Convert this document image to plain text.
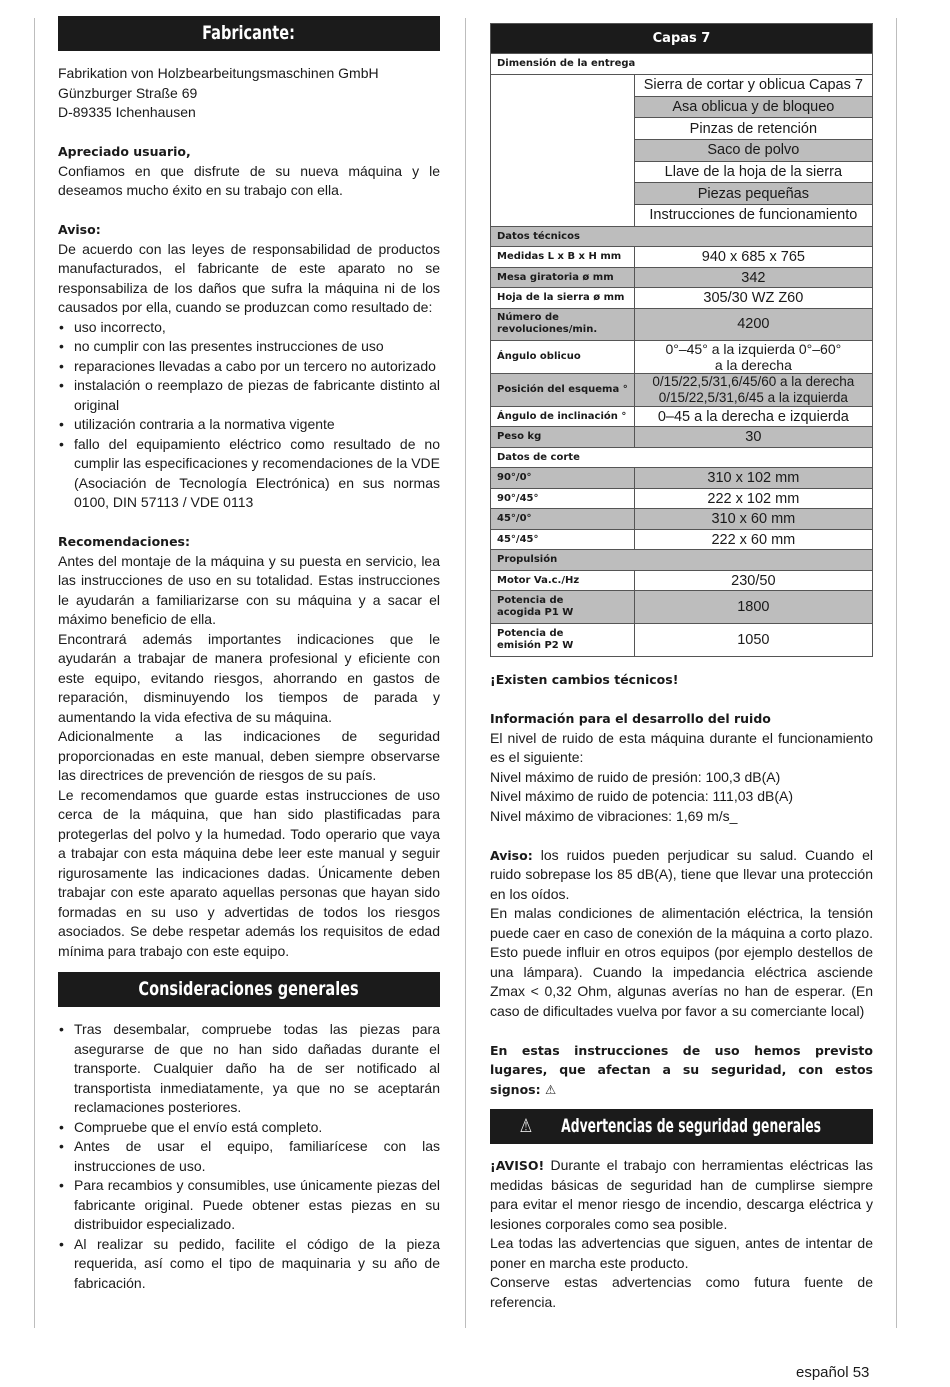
Fabricante:

Fabrikation von Holzbearbeitungsmaschinen GmbH

Günzburger Straße 69

D-89335 Ichenhausen

Apreciado usuario,

Confiamos en que disfrute de su nueva máquina y le deseamos mucho éxito en su trabajo con ella.

Aviso:

De acuerdo con las leyes de responsabilidad de productos manufacturados, el fabricante de este aparato no se responsabiliza de los daños que sufra la máquina ni de los causados por ella, cuando se produzcan como resultado de:

• uso incorrecto,
• no cumplir con las presentes instrucciones de uso
• reparaciones llevadas a cabo por un tercero no autorizado
• instalación o reemplazo de piezas de fabricante distinto al original
• utilización contraria a la normativa vigente
• fallo del equipamiento eléctrico como resultado de no cumplir las especificaciones y recomendaciones de la VDE (Asociación de Tecnología Electrónica) en sus normas 0100, DIN 57113 / VDE 0113

Recomendaciones:

Antes del montaje de la máquina y su puesta en servicio, lea las instrucciones de uso en su totalidad. Estas instrucciones le ayudarán a familiarizarse con su máquina y a sacar el máximo beneficio de ella.

Encontrará además importantes indicaciones que le ayudarán a trabajar de manera profesional y eficiente con este equipo, evitando riesgos, ahorrando en gastos de reparación, disminuyendo los tiempos de parada y aumentando la vida efectiva de su máquina.

Adicionalmente a las indicaciones de seguridad proporcionadas en este manual, deben siempre observarse las directrices de prevención de riesgos de su país.

Le recomendamos que guarde estas instrucciones de uso cerca de la máquina, que han sido plastificadas para protegerlas del polvo y la humedad. Todo operario que vaya a trabajar con esta máquina debe leer este manual y seguir rigurosamente las indicaciones dadas. Únicamente deben trabajar con este aparato aquellas personas que hayan sido formadas en su uso y advertidas de todos los riesgos asociados. Se debe respetar además los requisitos de edad mínima para trabajo con este equipo.

Consideraciones generales
• Tras desembalar, compruebe todas las piezas para asegurarse de que no han sido dañadas durante el transporte. Cualquier daño ha de ser notificado al transportista inmediatamente, ya que no se aceptarán reclamaciones posteriores.
• Compruebe que el envío está completo.
• Antes de usar el equipo, familiarícese con las instrucciones de uso.
• Para recambios y consumibles, use únicamente piezas del fabricante original. Puede obtener estas piezas en su distribuidor especializado.
• Al realizar su pedido, facilite el código de la pieza requerida, así como el tipo de maquinaria y su año de fabricación.
Capas 7	
Dimensión de la entrega	
	Sierra de cortar y oblicua Capas 7
	Asa oblicua y de bloqueo
	Pinzas de retención
	Saco de polvo
	Llave de la hoja de la sierra
	Piezas pequeñas
	Instrucciones de funcionamiento
Datos técnicos	
Medidas L x B x H mm	940 x 685 x 765
Mesa giratoria ø mm	342
Hoja de la sierra ø mm	305/30 WZ Z60
Número de revoluciones/min.	4200
Ángulo oblicuo	0°–45° a la izquierda 0°–60° a la derecha
Posición del esquema °	0/15/22,5/31,6/45/60 a la derecha 0/15/22,5/31,6/45 a la izquierda
Ángulo de inclinación °	0–45 a la derecha e izquierda
Peso kg	30
Datos de corte	
90°/0°	310 x 102 mm
90°/45°	222 x 102 mm
45°/0°	310 x 60 mm
45°/45°	222 x 60 mm
Propulsión	
Motor Va.c./Hz	230/50
Potencia de acogida P1 W	1800
Potencia de emisión P2 W	1050

¡Existen cambios técnicos!

Información para el desarrollo del ruido

El nivel de ruido de esta máquina durante el funcionamiento es el siguiente:

Nivel máximo de ruido de presión: 100,3 dB(A)

Nivel máximo de ruido de potencia: 111,03 dB(A)

Nivel máximo de vibraciones: 1,69 m/s_

Aviso: los ruidos pueden perjudicar su salud. Cuando el ruido sobrepase los 85 dB(A), tiene que llevar una protección en los oídos.

En malas condiciones de alimentación eléctrica, la tensión puede caer en caso de conexión de la máquina a corto plazo. Esto puede influir en otros equipos (por ejemplo destellos de una lámpara). Cuando la impedancia eléctrica asciende Zmax < 0,32 Ohm, algunas averías no han de esperar. (En caso de dificultades vuelva por favor a su comerciante local)

En estas instrucciones de uso hemos previsto lugares, que afectan a su seguridad, con estos signos: ⚠

⚠ Advertencias de seguridad generales

¡AVISO! Durante el trabajo con herramientas eléctricas las medidas básicas de seguridad han de cumplirse siempre para evitar el menor riesgo de incendio, descarga eléctrica y lesiones corporales como sea posible.

Lea todas las advertencias que siguen, antes de intentar de poner en marcha este producto.

Conserve estas advertencias como futura fuente de referencia.

español 53
